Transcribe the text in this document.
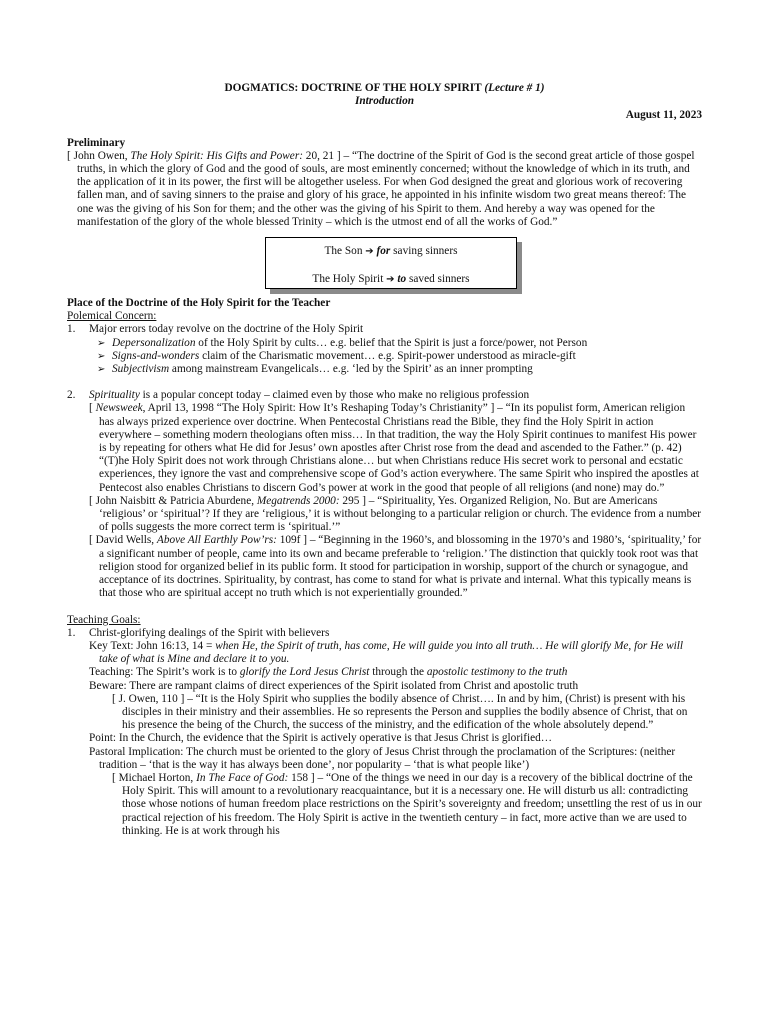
DOGMATICS: DOCTRINE OF THE HOLY SPIRIT (Lecture # 1)
Introduction
August 11, 2023
Preliminary
[ John Owen, The Holy Spirit: His Gifts and Power: 20, 21 ] – “The doctrine of the Spirit of God is the second great article of those gospel truths, in which the glory of God and the good of souls, are most eminently concerned; without the knowledge of which in its truth, and the application of it in its power, the first will be altogether useless. For when God designed the great and glorious work of recovering fallen man, and of saving sinners to the praise and glory of his grace, he appointed in his infinite wisdom two great means thereof: The one was the giving of his Son for them; and the other was the giving of his Spirit to them. And hereby a way was opened for the manifestation of the glory of the whole blessed Trinity – which is the utmost end of all the works of God.”
The Son ➔ for saving sinners
The Holy Spirit ➔ to saved sinners
Place of the Doctrine of the Holy Spirit for the Teacher
Polemical Concern:
1. Major errors today revolve on the doctrine of the Holy Spirit
➢ Depersonalization of the Holy Spirit by cults… e.g. belief that the Spirit is just a force/power, not Person
➢ Signs-and-wonders claim of the Charismatic movement… e.g. Spirit-power understood as miracle-gift
➢ Subjectivism among mainstream Evangelicals… e.g. ‘led by the Spirit’ as an inner prompting
2. Spirituality is a popular concept today – claimed even by those who make no religious profession
[ Newsweek, April 13, 1998 “The Holy Spirit: How It’s Reshaping Today’s Christianity” ] – “In its populist form, American religion has always prized experience over doctrine. When Pentecostal Christians read the Bible, they find the Holy Spirit in action everywhere – something modern theologians often miss… In that tradition, the way the Holy Spirit continues to manifest His power is by repeating for others what He did for Jesus’ own apostles after Christ rose from the dead and ascended to the Father.” (p. 42)
“(T)he Holy Spirit does not work through Christians alone… but when Christians reduce His secret work to personal and ecstatic experiences, they ignore the vast and comprehensive scope of God’s action everywhere. The same Spirit who inspired the apostles at Pentecost also enables Christians to discern God’s power at work in the good that people of all religions (and none) may do.”
[ John Naisbitt & Patricia Aburdene, Megatrends 2000: 295 ] – “Spirituality, Yes. Organized Religion, No. But are Americans ‘religious’ or ‘spiritual’? If they are ‘religious,’ it is without belonging to a particular religion or church. The evidence from a number of polls suggests the more correct term is ‘spiritual.’”
[ David Wells, Above All Earthly Pow’rs: 109f ] – “Beginning in the 1960’s, and blossoming in the 1970’s and 1980’s, ‘spirituality,’ for a significant number of people, came into its own and became preferable to ‘religion.’ The distinction that quickly took root was that religion stood for organized belief in its public form. It stood for participation in worship, support of the church or synagogue, and acceptance of its doctrines. Spirituality, by contrast, has come to stand for what is private and internal. What this typically means is that those who are spiritual accept no truth which is not experientially grounded.”
Teaching Goals:
1. Christ-glorifying dealings of the Spirit with believers
Key Text: John 16:13, 14 = when He, the Spirit of truth, has come, He will guide you into all truth… He will glorify Me, for He will take of what is Mine and declare it to you.
Teaching: The Spirit’s work is to glorify the Lord Jesus Christ through the apostolic testimony to the truth
Beware: There are rampant claims of direct experiences of the Spirit isolated from Christ and apostolic truth
[ J. Owen, 110 ] – “It is the Holy Spirit who supplies the bodily absence of Christ…. In and by him, (Christ) is present with his disciples in their ministry and their assemblies. He so represents the Person and supplies the bodily absence of Christ, that on his presence the being of the Church, the success of the ministry, and the edification of the whole absolutely depend.”
Point: In the Church, the evidence that the Spirit is actively operative is that Jesus Christ is glorified…
Pastoral Implication: The church must be oriented to the glory of Jesus Christ through the proclamation of the Scriptures: (neither tradition – ‘that is the way it has always been done’, nor popularity – ‘that is what people like’)
[ Michael Horton, In The Face of God: 158 ] – “One of the things we need in our day is a recovery of the biblical doctrine of the Holy Spirit. This will amount to a revolutionary reacquaintance, but it is a necessary one. He will disturb us all: contradicting those whose notions of human freedom place restrictions on the Spirit’s sovereignty and freedom; unsettling the rest of us in our practical rejection of his freedom. The Holy Spirit is active in the twentieth century – in fact, more active than we are used to thinking. He is at work through his
